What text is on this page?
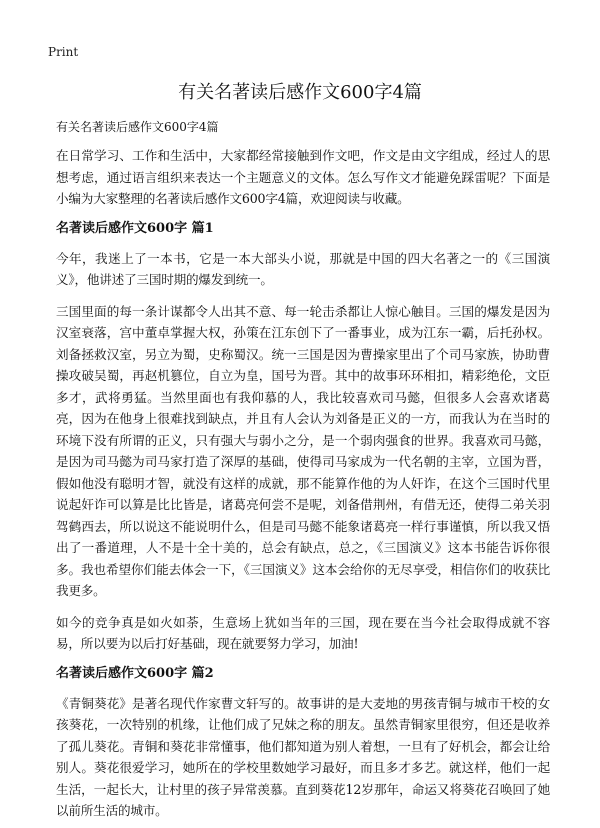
Print
有关名著读后感作文600字4篇
有关名著读后感作文600字4篇

在日常学习、工作和生活中，大家都经常接触到作文吧，作文是由文字组成，经过人的思想考虑，通过语言组织来表达一个主题意义的文体。怎么写作文才能避免踩雷呢？下面是小编为大家整理的名著读后感作文600字4篇，欢迎阅读与收藏。

名著读后感作文600字 篇1

今年，我迷上了一本书，它是一本大部头小说，那就是中国的四大名著之一的《三国演义》，他讲述了三国时期的爆发到统一。

三国里面的每一条计谋都令人出其不意、每一轮击杀都让人惊心触目。三国的爆发是因为汉室衰落，宫中董卓掌握大权，孙策在江东创下了一番事业，成为江东一霸，后托孙权。刘备拯救汉室，另立为蜀，史称蜀汉。统一三国是因为曹操家里出了个司马家族，协助曹操攻破吴蜀，再赵机篡位，自立为皇，国号为晋。其中的故事环环相扣，精彩绝伦，文臣多才，武将勇猛。当然里面也有我仰慕的人，我比较喜欢司马懿，但很多人会喜欢诸葛亮，因为在他身上很难找到缺点，并且有人会认为刘备是正义的一方，而我认为在当时的环境下没有所谓的正义，只有强大与弱小之分，是一个弱肉强食的世界。我喜欢司马懿，是因为司马懿为司马家打造了深厚的基础，使得司马家成为一代名朝的主宰，立国为晋，假如他没有聪明才智，就没有这样的成就，那不能算作他的为人奸诈，在这个三国时代里说起奸诈可以算是比比皆是，诸葛亮何尝不是呢，刘备借荆州，有借无还，使得二弟关羽驾鹤西去，所以说这不能说明什么，但是司马懿不能象诸葛亮一样行事谨慎，所以我又悟出了一番道理，人不是十全十美的，总会有缺点，总之，《三国演义》这本书能告诉你很多。我也希望你们能去体会一下，《三国演义》这本会给你的无尽享受，相信你们的收获比我更多。

如今的竞争真是如火如荼，生意场上犹如当年的三国，现在要在当今社会取得成就不容易，所以要为以后打好基础，现在就要努力学习，加油!

名著读后感作文600字 篇2

《青铜葵花》是著名现代作家曹文轩写的。故事讲的是大麦地的男孩青铜与城市干校的女孩葵花，一次特别的机缘，让他们成了兄妹之称的朋友。虽然青铜家里很穷，但还是收养了孤儿葵花。青铜和葵花非常懂事，他们都知道为别人着想，一旦有了好机会，都会让给别人。葵花很爱学习，她所在的学校里数她学习最好，而且多才多艺。就这样，他们一起生活，一起长大，让村里的孩子异常羡慕。直到葵花12岁那年，命运又将葵花召唤回了她以前所生活的城市。
